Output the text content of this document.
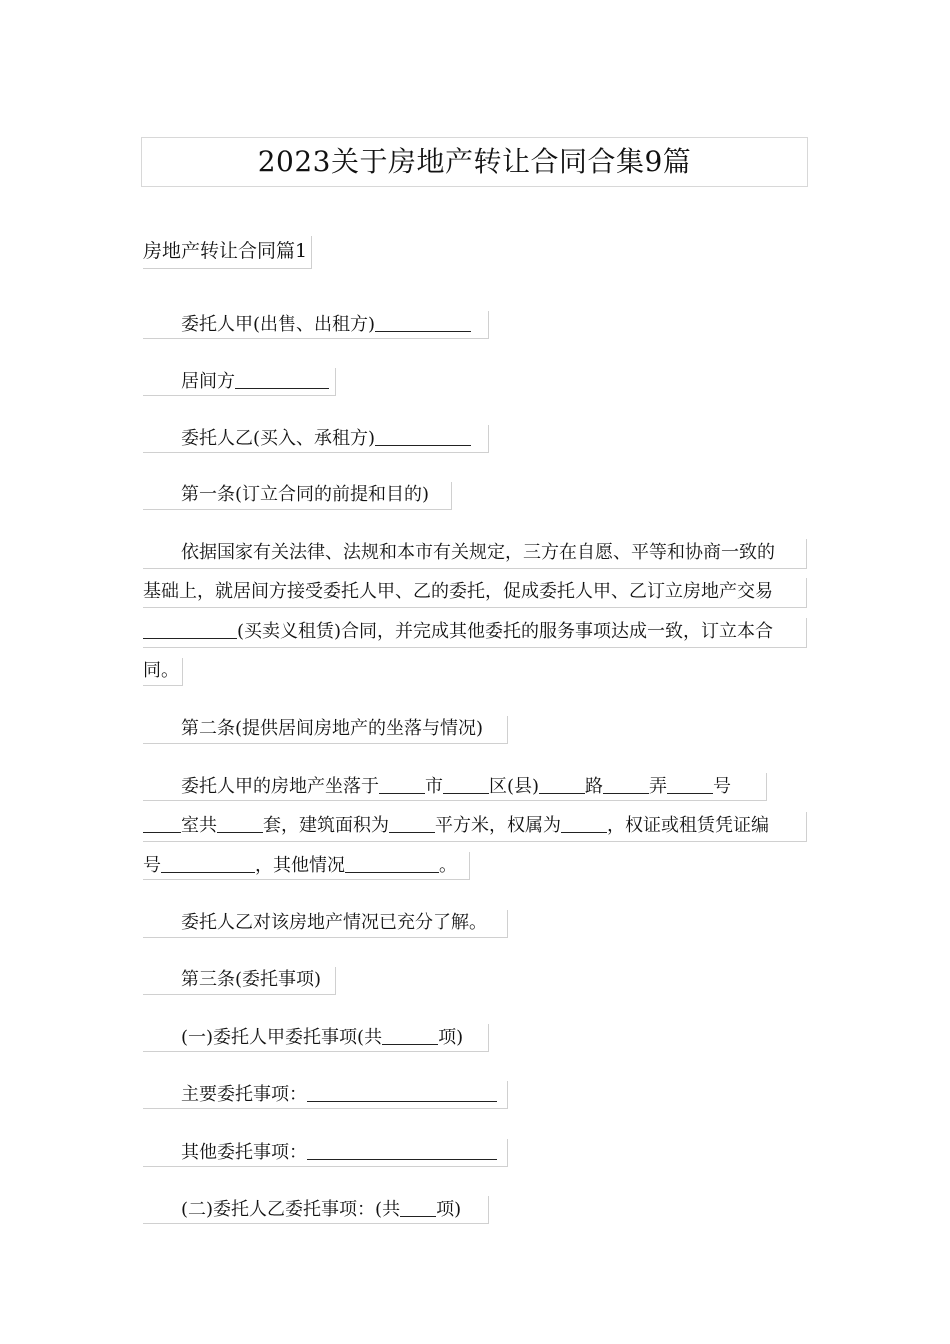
2023关于房地产转让合同合集9篇
房地产转让合同篇1
委托人甲(出售、出租方)
居间方
委托人乙(买入、承租方)
第一条(订立合同的前提和目的)
依据国家有关法律、法规和本市有关规定，三方在自愿、平等和协商一致的
基础上，就居间方接受委托人甲、乙的委托，促成委托人甲、乙订立房地产交易
(买卖义租赁)合同，并完成其他委托的服务事项达成一致，订立本合
同。
第二条(提供居间房地产的坐落与情况)
委托人甲的房地产坐落于	市	区(县)	路	弄	号
室共	套，建筑面积为	平方米，权属为	，权证或租赁凭证编
号	，其他情况	。
委托人乙对该房地产情况已充分了解。
第三条(委托事项)
(一)委托人甲委托事项(共	项)
主要委托事项：
其他委托事项：
(二)委托人乙委托事项：(共 项)
